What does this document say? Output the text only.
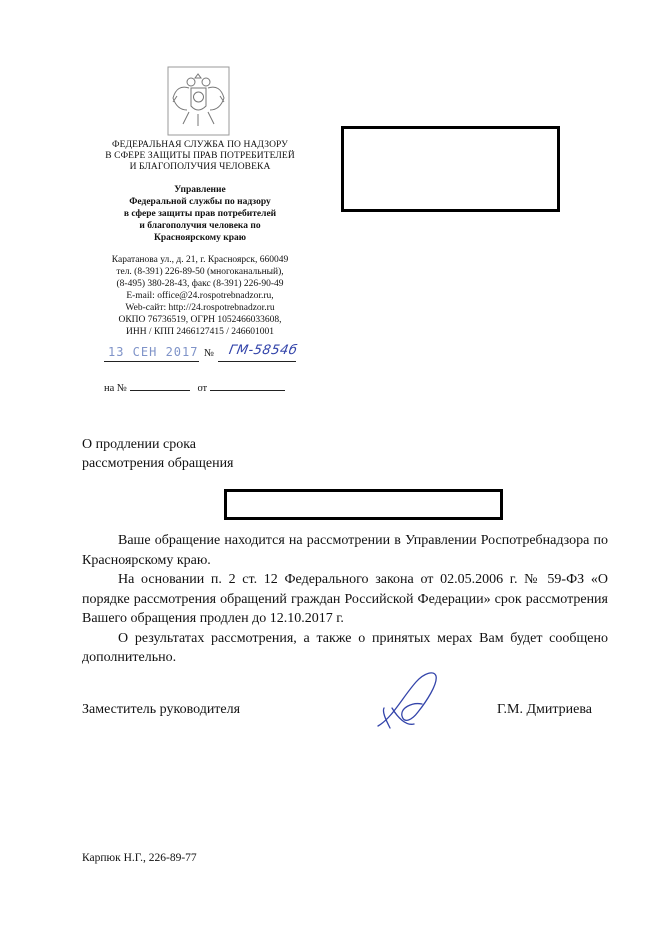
ФЕДЕРАЛЬНАЯ СЛУЖБА ПО НАДЗОРУ
В СФЕРЕ ЗАЩИТЫ ПРАВ ПОТРЕБИТЕЛЕЙ
И БЛАГОПОЛУЧИЯ ЧЕЛОВЕКА
Управление
Федеральной службы по надзору
в сфере защиты прав потребителей
и благополучия человека по
Красноярскому краю
Каратанова ул., д. 21, г. Красноярск, 660049
тел. (8-391) 226-89-50 (многоканальный),
(8-495) 380-28-43, факс (8-391) 226-90-49
E-mail: office@24.rospotrebnadzor.ru,
Web-сайт: http://24.rospotrebnadzor.ru
ОКПО 76736519, ОГРН 1052466033608,
ИНН / КПП 2466127415 / 246601001
13 СЕН 2017 № ГМ-5854б
на №	от
О продлении срока
рассмотрения обращения

Ваше обращение находится на рассмотрении в Управлении Роспотребнадзора по Красноярскому краю.

На основании п. 2 ст. 12 Федерального закона от 02.05.2006 г. № 59-ФЗ «О порядке рассмотрения обращений граждан Российской Федерации» срок рассмотрения Вашего обращения продлен до 12.10.2017 г.

О результатах рассмотрения, а также о принятых мерах Вам будет сообщено дополнительно.

Заместитель руководителя	Г.М. Дмитриева
Карпюк Н.Г., 226-89-77
